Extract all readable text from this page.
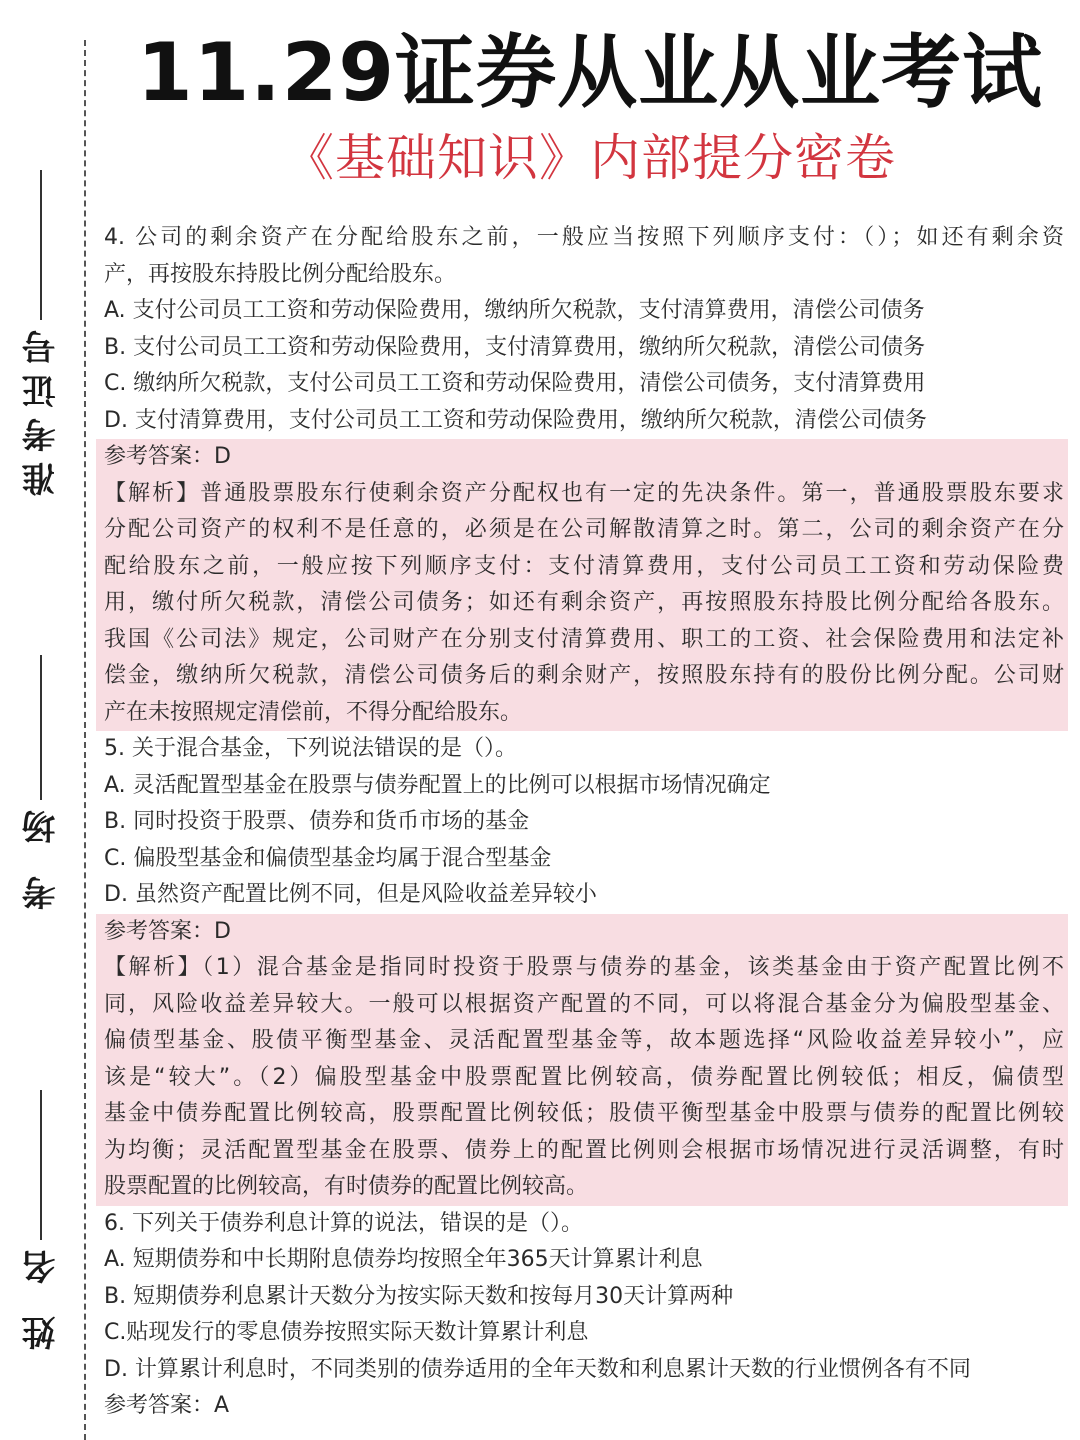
准考证号
考 场
姓 名
11.29证券从业从业考试
《基础知识》内部提分密卷
4. 公司的剩余资产在分配给股东之前，一般应当按照下列顺序支付：（）；如还有剩余资
产，再按股东持股比例分配给股东。
A. 支付公司员工工资和劳动保险费用，缴纳所欠税款，支付清算费用，清偿公司债务
B. 支付公司员工工资和劳动保险费用，支付清算费用，缴纳所欠税款，清偿公司债务
C. 缴纳所欠税款，支付公司员工工资和劳动保险费用，清偿公司债务，支付清算费用
D. 支付清算费用，支付公司员工工资和劳动保险费用，缴纳所欠税款，清偿公司债务
参考答案：D
【解析】普通股票股东行使剩余资产分配权也有一定的先决条件。第一，普通股票股东要求
分配公司资产的权利不是任意的，必须是在公司解散清算之时。第二，公司的剩余资产在分
配给股东之前，一般应按下列顺序支付：支付清算费用，支付公司员工工资和劳动保险费
用，缴付所欠税款，清偿公司债务；如还有剩余资产，再按照股东持股比例分配给各股东。
我国《公司法》规定，公司财产在分别支付清算费用、职工的工资、社会保险费用和法定补
偿金，缴纳所欠税款，清偿公司债务后的剩余财产，按照股东持有的股份比例分配。公司财
产在未按照规定清偿前，不得分配给股东。
5. 关于混合基金，下列说法错误的是（）。
A. 灵活配置型基金在股票与债券配置上的比例可以根据市场情况确定
B. 同时投资于股票、债券和货币市场的基金
C. 偏股型基金和偏债型基金均属于混合型基金
D. 虽然资产配置比例不同，但是风险收益差异较小
参考答案：D
【解析】（1）混合基金是指同时投资于股票与债券的基金，该类基金由于资产配置比例不
同，风险收益差异较大。一般可以根据资产配置的不同，可以将混合基金分为偏股型基金、
偏债型基金、股债平衡型基金、灵活配置型基金等，故本题选择“风险收益差异较小”，应
该是“较大”。（2）偏股型基金中股票配置比例较高，债券配置比例较低；相反，偏债型
基金中债券配置比例较高，股票配置比例较低；股债平衡型基金中股票与债券的配置比例较
为均衡；灵活配置型基金在股票、债券上的配置比例则会根据市场情况进行灵活调整，有时
股票配置的比例较高，有时债券的配置比例较高。
6. 下列关于债券利息计算的说法，错误的是（）。
A. 短期债券和中长期附息债券均按照全年365天计算累计利息
B. 短期债券利息累计天数分为按实际天数和按每月30天计算两种
C.贴现发行的零息债券按照实际天数计算累计利息
D. 计算累计利息时，不同类别的债券适用的全年天数和利息累计天数的行业惯例各有不同
参考答案：A
